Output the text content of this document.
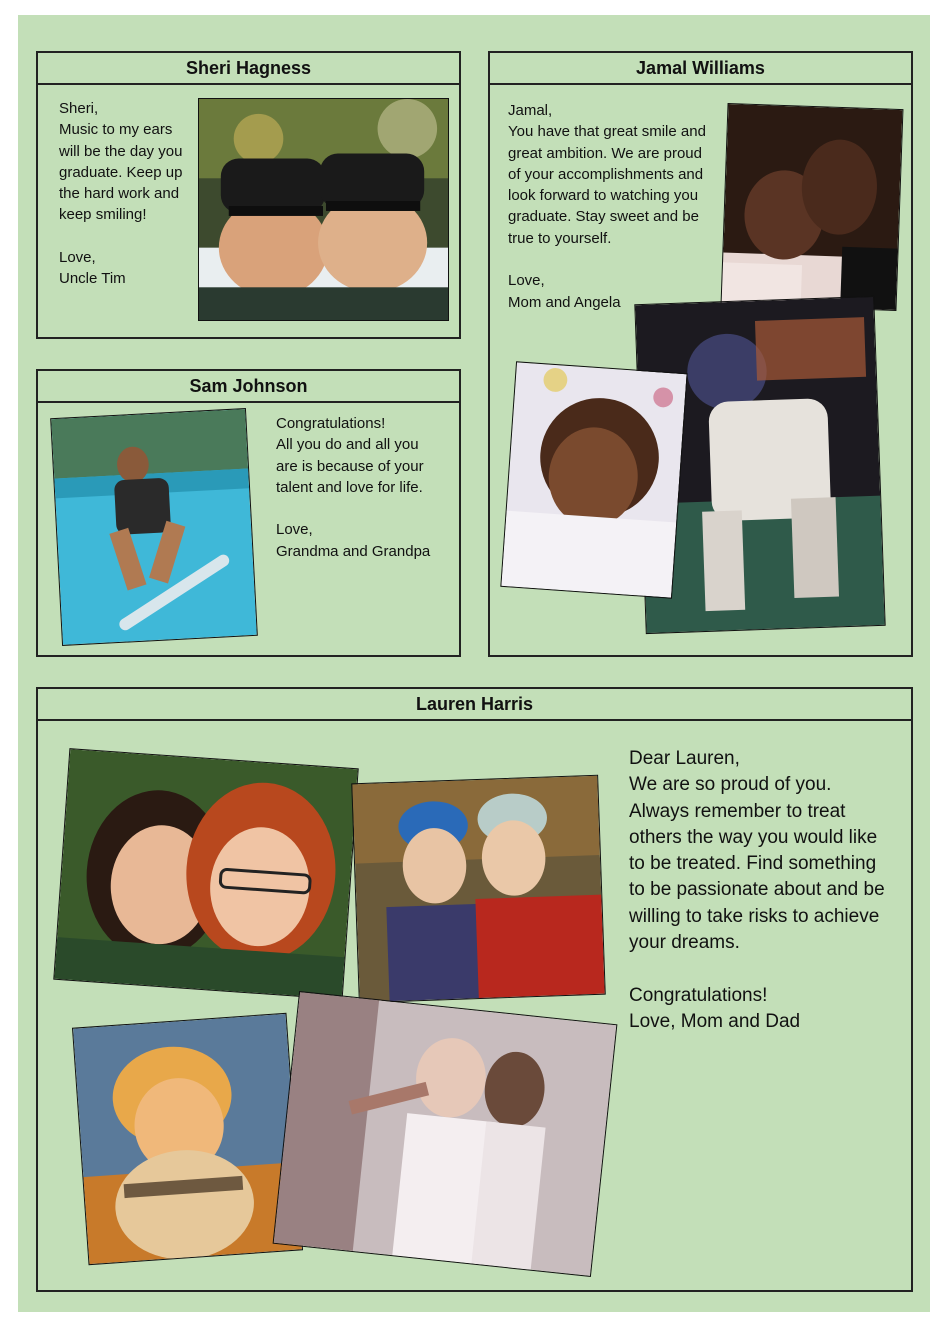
Sheri Hagness
Sheri,
Music to my ears
will be the day you
graduate. Keep up
the hard work and
keep smiling!

Love,
Uncle Tim
Jamal Williams
Jamal,
You have that great smile and
great ambition. We are proud
of your accomplishments and
look forward to watching you
graduate. Stay sweet and be
true to yourself.

Love,
Mom and Angela
Sam Johnson
Congratulations!
All you do and all you
are is because of your
talent and love for life.

Love,
Grandma and Grandpa
Lauren Harris
Dear Lauren,
We are so proud of you.
Always remember to treat
others the way you would like
to be treated. Find something
to be passionate about and be
willing to take risks to achieve
your dreams.

Congratulations!
Love, Mom and Dad
